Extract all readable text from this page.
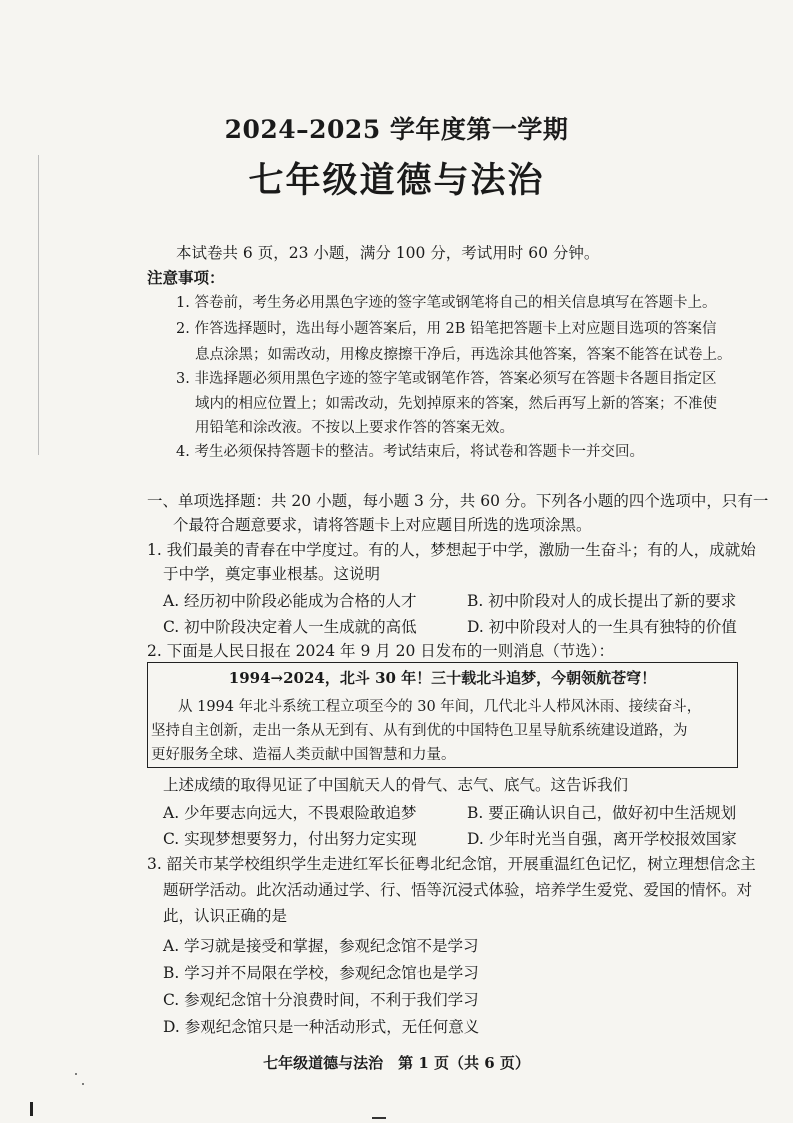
2024–2025 学年度第一学期
七年级道德与法治
本试卷共 6 页，23 小题，满分 100 分，考试用时 60 分钟。
注意事项：
1. 答卷前，考生务必用黑色字迹的签字笔或钢笔将自己的相关信息填写在答题卡上。
2. 作答选择题时，选出每小题答案后，用 2B 铅笔把答题卡上对应题目选项的答案信
息点涂黑；如需改动，用橡皮擦擦干净后，再选涂其他答案，答案不能答在试卷上。
3. 非选择题必须用黑色字迹的签字笔或钢笔作答，答案必须写在答题卡各题目指定区
域内的相应位置上；如需改动，先划掉原来的答案，然后再写上新的答案；不准使
用铅笔和涂改液。不按以上要求作答的答案无效。
4. 考生必须保持答题卡的整洁。考试结束后，将试卷和答题卡一并交回。
一、单项选择题：共 20 小题，每小题 3 分，共 60 分。下列各小题的四个选项中，只有一
个最符合题意要求，请将答题卡上对应题目所选的选项涂黑。
1. 我们最美的青春在中学度过。有的人，梦想起于中学，激励一生奋斗；有的人，成就始
于中学，奠定事业根基。这说明
A. 经历初中阶段必能成为合格的人才	B. 初中阶段对人的成长提出了新的要求
C. 初中阶段决定着人一生成就的高低	D. 初中阶段对人的一生具有独特的价值
2. 下面是人民日报在 2024 年 9 月 20 日发布的一则消息（节选）：
1994→2024，北斗 30 年！三十载北斗追梦，今朝领航苍穹！
从 1994 年北斗系统工程立项至今的 30 年间，几代北斗人栉风沐雨、接续奋斗，
坚持自主创新，走出一条从无到有、从有到优的中国特色卫星导航系统建设道路，为
更好服务全球、造福人类贡献中国智慧和力量。
上述成绩的取得见证了中国航天人的骨气、志气、底气。这告诉我们
A. 少年要志向远大，不畏艰险敢追梦	B. 要正确认识自己，做好初中生活规划
C. 实现梦想要努力，付出努力定实现	D. 少年时光当自强，离开学校报效国家
3. 韶关市某学校组织学生走进红军长征粤北纪念馆，开展重温红色记忆，树立理想信念主
题研学活动。此次活动通过学、行、悟等沉浸式体验，培养学生爱党、爱国的情怀。对
此，认识正确的是
A. 学习就是接受和掌握，参观纪念馆不是学习
B. 学习并不局限在学校，参观纪念馆也是学习
C. 参观纪念馆十分浪费时间，不利于我们学习
D. 参观纪念馆只是一种活动形式，无任何意义
七年级道德与法治　第 1 页（共 6 页）
